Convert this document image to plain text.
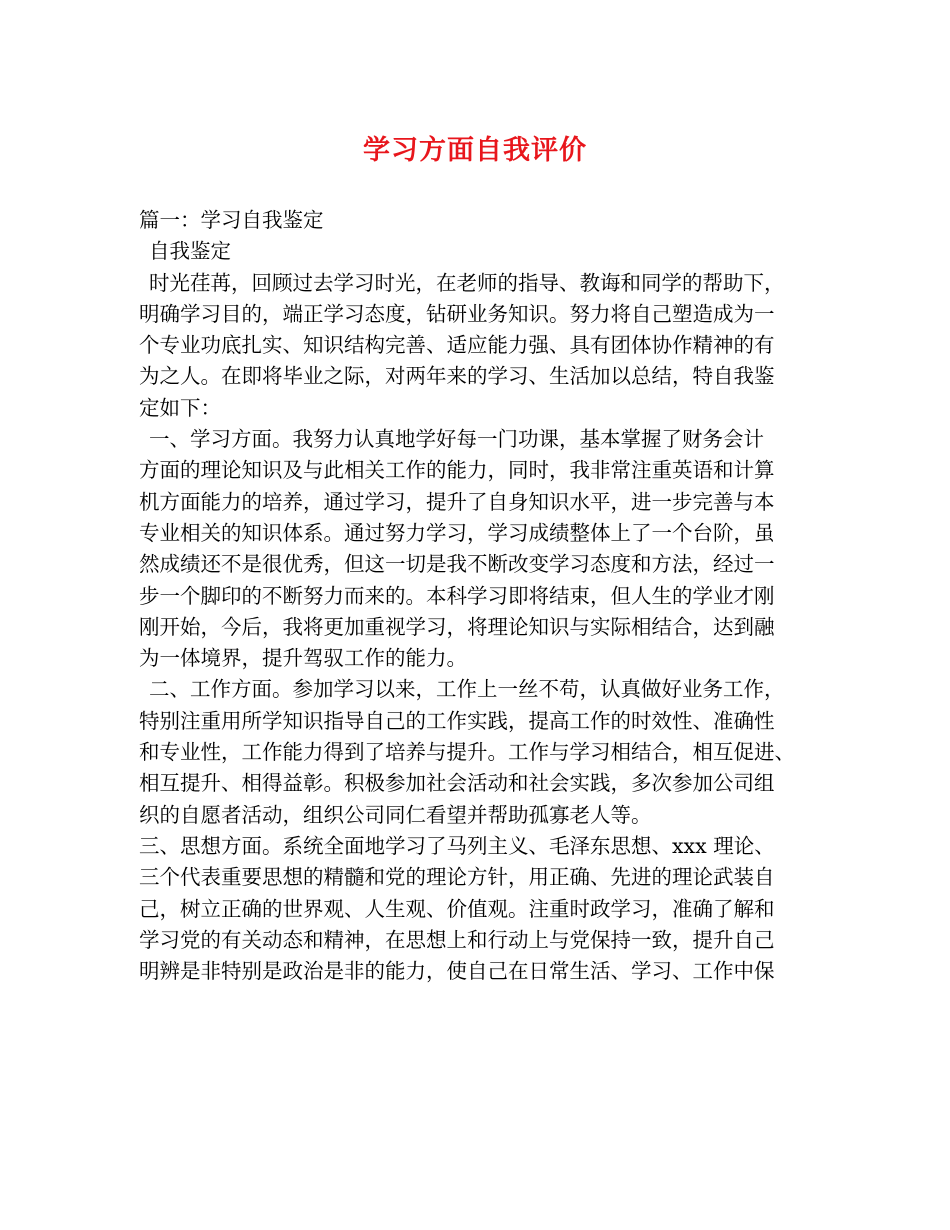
学习方面自我评价
篇一：学习自我鉴定
自我鉴定
时光荏苒，回顾过去学习时光，在老师的指导、教诲和同学的帮助下，
明确学习目的，端正学习态度，钻研业务知识。努力将自己塑造成为一
个专业功底扎实、知识结构完善、适应能力强、具有团体协作精神的有
为之人。在即将毕业之际，对两年来的学习、生活加以总结，特自我鉴
定如下：
一、学习方面。我努力认真地学好每一门功课，基本掌握了财务会计
方面的理论知识及与此相关工作的能力，同时，我非常注重英语和计算
机方面能力的培养，通过学习，提升了自身知识水平，进一步完善与本
专业相关的知识体系。通过努力学习，学习成绩整体上了一个台阶，虽
然成绩还不是很优秀，但这一切是我不断改变学习态度和方法，经过一
步一个脚印的不断努力而来的。本科学习即将结束，但人生的学业才刚
刚开始，今后，我将更加重视学习，将理论知识与实际相结合，达到融
为一体境界，提升驾驭工作的能力。
二、工作方面。参加学习以来，工作上一丝不苟，认真做好业务工作，
特别注重用所学知识指导自己的工作实践，提高工作的时效性、准确性
和专业性，工作能力得到了培养与提升。工作与学习相结合，相互促进、
相互提升、相得益彰。积极参加社会活动和社会实践，多次参加公司组
织的自愿者活动，组织公司同仁看望并帮助孤寡老人等。
三、思想方面。系统全面地学习了马列主义、毛泽东思想、xxx 理论、
三个代表重要思想的精髓和党的理论方针，用正确、先进的理论武装自
己，树立正确的世界观、人生观、价值观。注重时政学习，准确了解和
学习党的有关动态和精神，在思想上和行动上与党保持一致，提升自己
明辨是非特别是政治是非的能力，使自己在日常生活、学习、工作中保
